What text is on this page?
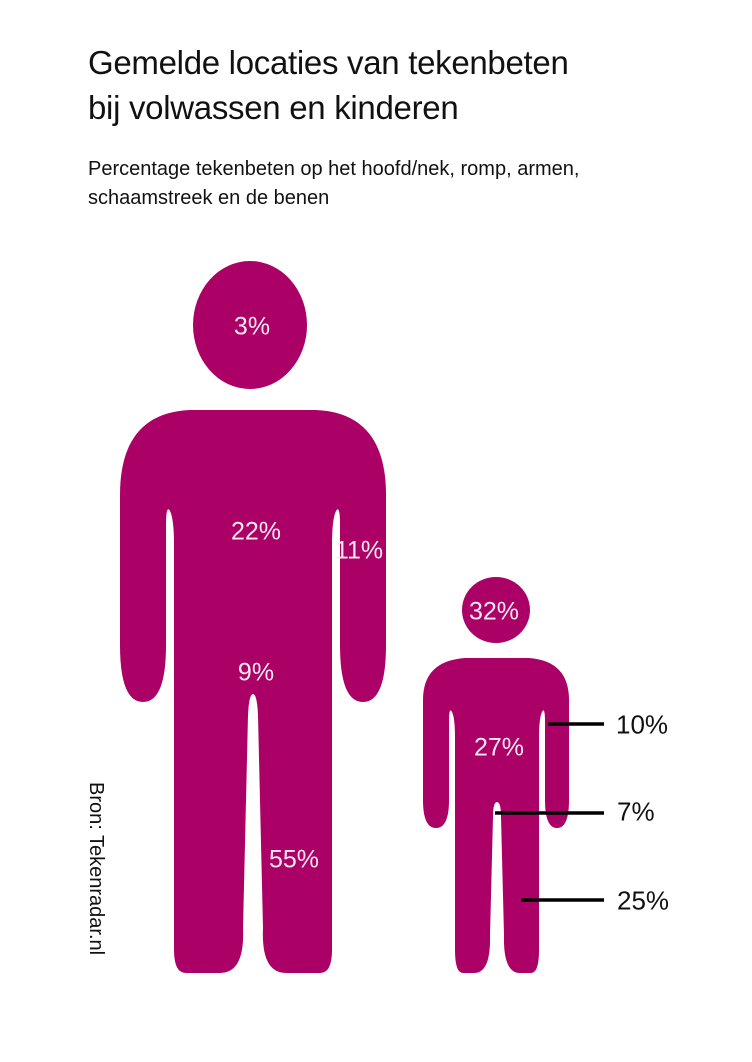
Gemelde locaties van tekenbeten
bij volwassen en kinderen
Percentage tekenbeten op het hoofd/nek, romp, armen,
schaamstreek en de benen
3%
22%
11%
9%
55%
32%
27%
10%
7%
25%
Bron: Tekenradar.nl
